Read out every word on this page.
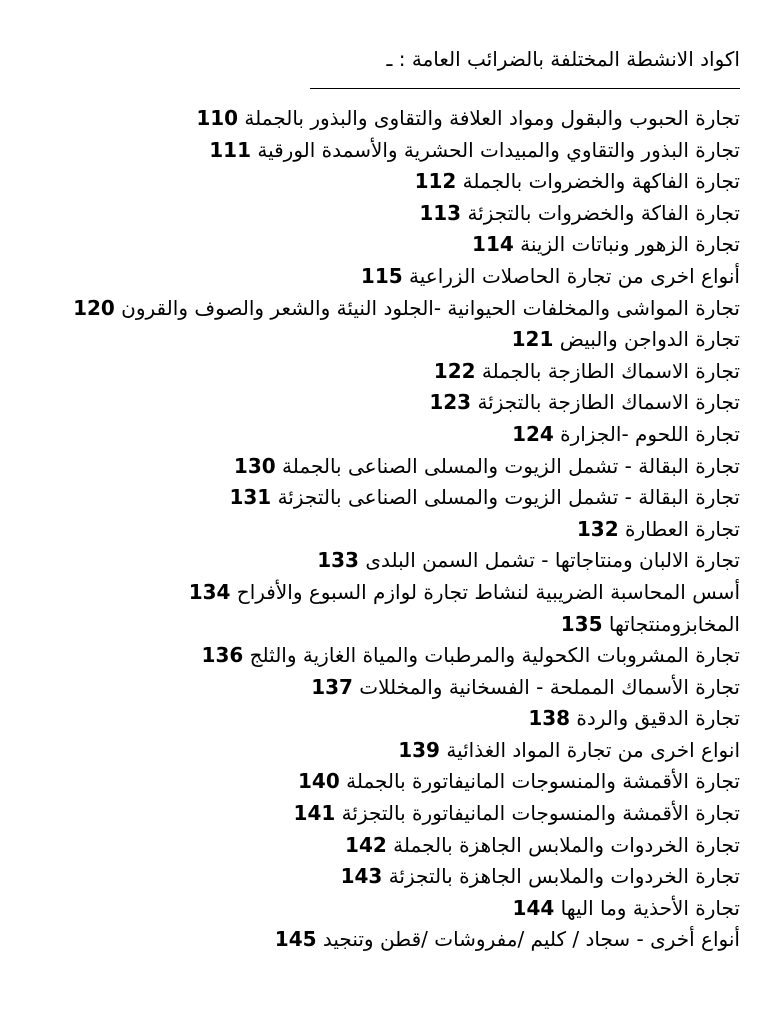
اكواد الانشطة المختلفة بالضرائب العامة : ـ
تجارة الحبوب والبقول ومواد العلافة والتقاوى والبذور بالجملة 110
تجارة البذور والتقاوي والمبيدات الحشرية والأسمدة الورقية 111
تجارة الفاكهة والخضروات بالجملة 112
تجارة الفاكة والخضروات بالتجزئة 113
تجارة الزهور ونباتات الزينة 114
أنواع اخرى من تجارة الحاصلات الزراعية 115
تجارة المواشى والمخلفات الحيوانية -الجلود النيئة والشعر والصوف والقرون 120
تجارة الدواجن والبيض 121
تجارة الاسماك الطازجة بالجملة 122
تجارة الاسماك الطازجة بالتجزئة 123
تجارة اللحوم -الجزارة 124
تجارة البقالة - تشمل الزيوت والمسلى الصناعى بالجملة 130
تجارة البقالة - تشمل الزيوت والمسلى الصناعى بالتجزئة 131
تجارة العطارة 132
تجارة الالبان ومنتاجاتها - تشمل السمن البلدى 133
أسس المحاسبة الضريبية لنشاط تجارة لوازم السبوع والأفراح 134
المخابزومنتجاتها 135
تجارة المشروبات الكحولية والمرطبات والمياة الغازية والثلج 136
تجارة الأسماك المملحة - الفسخانية والمخللات 137
تجارة الدقيق والردة 138
انواع اخرى من تجارة المواد الغذائية 139
تجارة الأقمشة والمنسوجات المانيفاتورة بالجملة 140
تجارة الأقمشة والمنسوجات المانيفاتورة بالتجزئة 141
تجارة الخردوات والملابس الجاهزة بالجملة 142
تجارة الخردوات والملابس الجاهزة بالتجزئة 143
تجارة الأحذية وما اليها 144
أنواع أخرى - سجاد / كليم /مفروشات /قطن وتنجيد 145
